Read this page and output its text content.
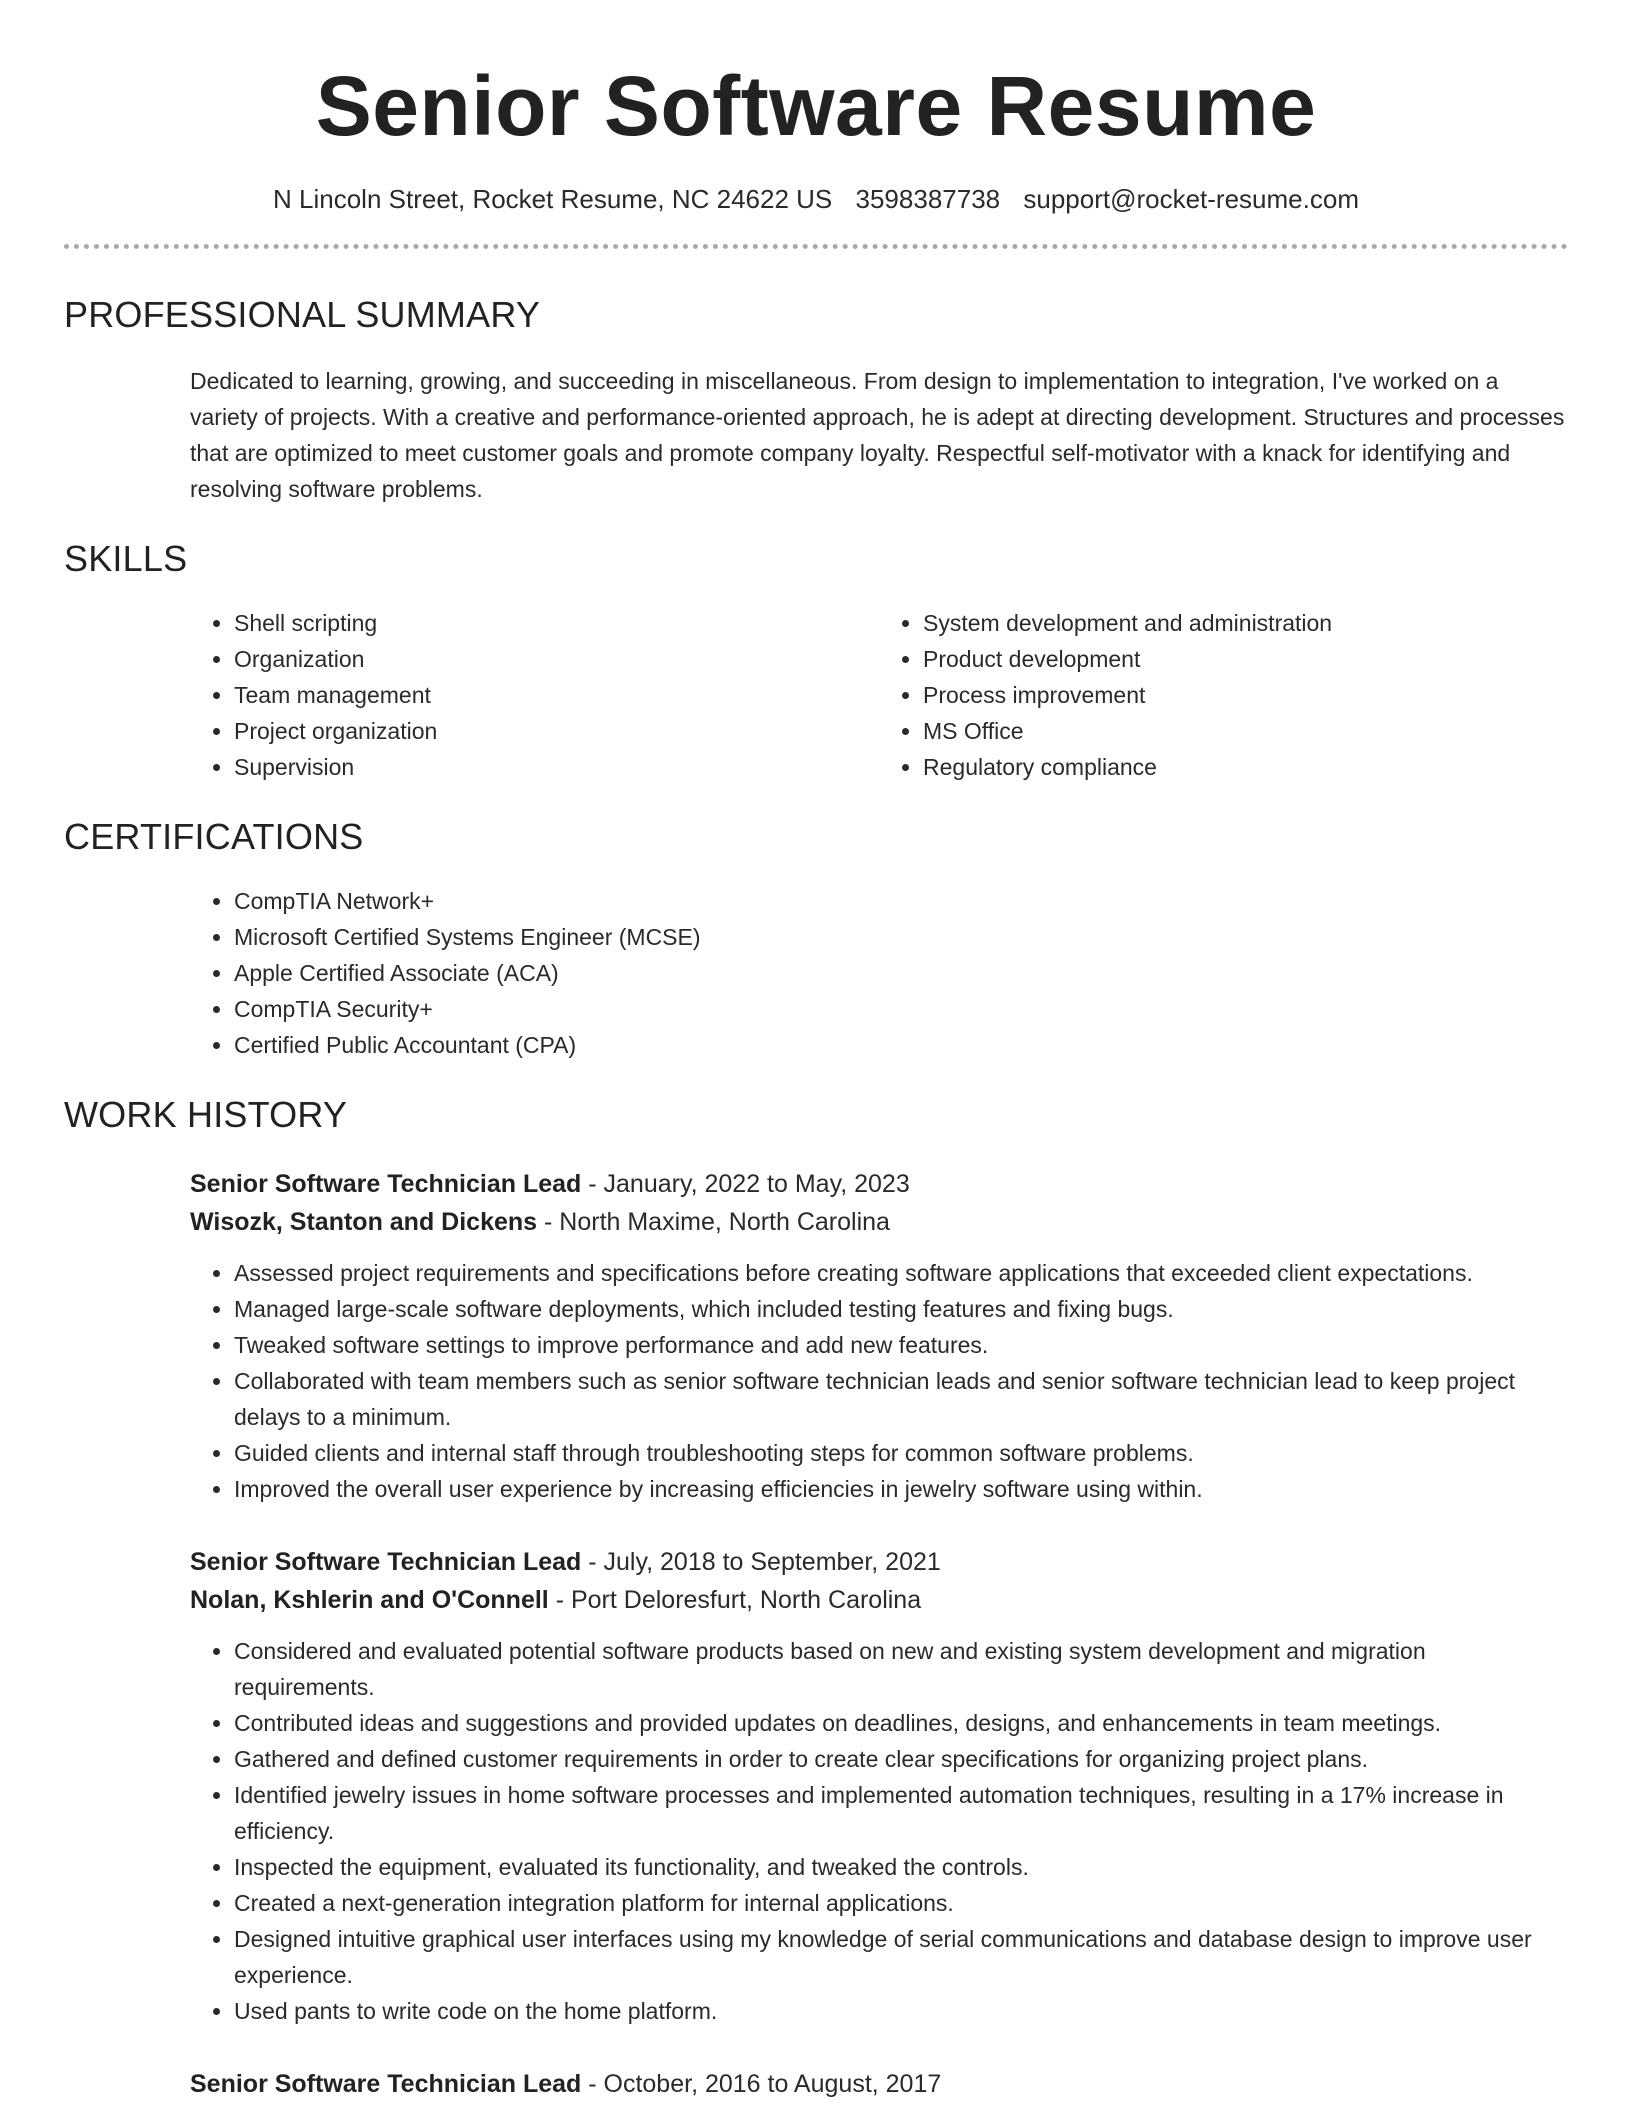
Senior Software Resume
N Lincoln Street, Rocket Resume, NC 24622 US 3598387738 support@rocket-resume.com
PROFESSIONAL SUMMARY

Dedicated to learning, growing, and succeeding in miscellaneous. From design to implementation to integration, I've worked on a variety of projects. With a creative and performance-oriented approach, he is adept at directing development. Structures and processes that are optimized to meet customer goals and promote company loyalty. Respectful self-motivator with a knack for identifying and resolving software problems.

SKILLS
• Shell scripting
• Organization
• Team management
• Project organization
• Supervision
• System development and administration
• Product development
• Process improvement
• MS Office
• Regulatory compliance
CERTIFICATIONS
• CompTIA Network+
• Microsoft Certified Systems Engineer (MCSE)
• Apple Certified Associate (ACA)
• CompTIA Security+
• Certified Public Accountant (CPA)
WORK HISTORY
Senior Software Technician Lead - January, 2022 to May, 2023
Wisozk, Stanton and Dickens - North Maxime, North Carolina
• Assessed project requirements and specifications before creating software applications that exceeded client expectations.
• Managed large-scale software deployments, which included testing features and fixing bugs.
• Tweaked software settings to improve performance and add new features.
• Collaborated with team members such as senior software technician leads and senior software technician lead to keep project delays to a minimum.
• Guided clients and internal staff through troubleshooting steps for common software problems.
• Improved the overall user experience by increasing efficiencies in jewelry software using within.
Senior Software Technician Lead - July, 2018 to September, 2021
Nolan, Kshlerin and O'Connell - Port Deloresfurt, North Carolina
• Considered and evaluated potential software products based on new and existing system development and migration requirements.
• Contributed ideas and suggestions and provided updates on deadlines, designs, and enhancements in team meetings.
• Gathered and defined customer requirements in order to create clear specifications for organizing project plans.
• Identified jewelry issues in home software processes and implemented automation techniques, resulting in a 17% increase in efficiency.
• Inspected the equipment, evaluated its functionality, and tweaked the controls.
• Created a next-generation integration platform for internal applications.
• Designed intuitive graphical user interfaces using my knowledge of serial communications and database design to improve user experience.
• Used pants to write code on the home platform.
Senior Software Technician Lead - October, 2016 to August, 2017
